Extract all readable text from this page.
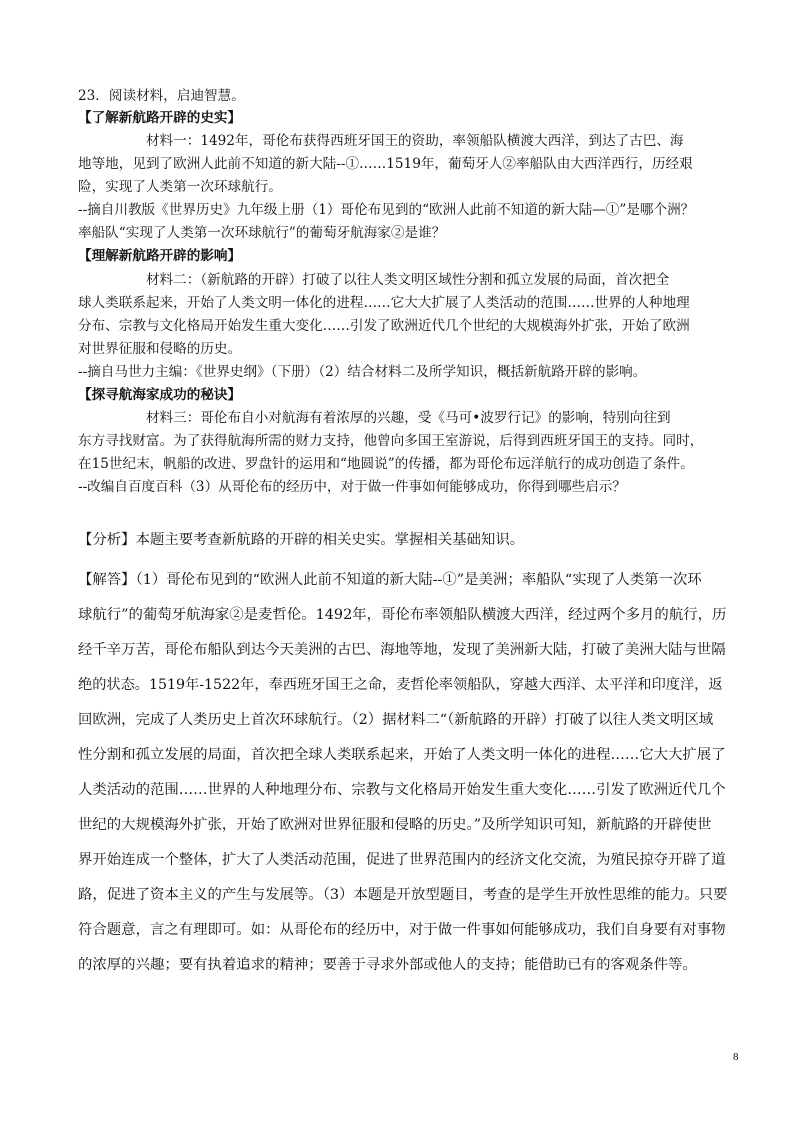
23．阅读材料，启迪智慧。

【了解新航路开辟的史实】

　　　　　材料一：1492年，哥伦布获得西班牙国王的资助，率领船队横渡大西洋，到达了古巴、海

地等地，见到了欧洲人此前不知道的新大陆--①……1519年，葡萄牙人②率船队由大西洋西行，历经艰

险，实现了人类第一次环球航行。

--摘自川教版《世界历史》九年级上册（1）哥伦布见到的“欧洲人此前不知道的新大陆—①”是哪个洲？

率船队“实现了人类第一次环球航行”的葡萄牙航海家②是谁？

【理解新航路开辟的影响】

　　　　　材料二：（新航路的开辟）打破了以往人类文明区域性分割和孤立发展的局面，首次把全

球人类联系起来，开始了人类文明一体化的进程……它大大扩展了人类活动的范围……世界的人种地理

分布、宗教与文化格局开始发生重大变化……引发了欧洲近代几个世纪的大规模海外扩张，开始了欧洲

对世界征服和侵略的历史。

--摘自马世力主编：《世界史纲》（下册）（2）结合材料二及所学知识，概括新航路开辟的影响。

【探寻航海家成功的秘诀】

　　　　　材料三：哥伦布自小对航海有着浓厚的兴趣，受《马可•波罗行记》的影响，特别向往到

东方寻找财富。为了获得航海所需的财力支持，他曾向多国王室游说，后得到西班牙国王的支持。同时，

在15世纪末，帆船的改进、罗盘针的运用和“地圆说”的传播，都为哥伦布远洋航行的成功创造了条件。

--改编自百度百科（3）从哥伦布的经历中，对于做一件事如何能够成功，你得到哪些启示？

【分析】本题主要考查新航路的开辟的相关史实。掌握相关基础知识。

【解答】（1）哥伦布见到的“欧洲人此前不知道的新大陆--①”是美洲；率船队“实现了人类第一次环

球航行”的葡萄牙航海家②是麦哲伦。1492年，哥伦布率领船队横渡大西洋，经过两个多月的航行，历

经千辛万苦，哥伦布船队到达今天美洲的古巴、海地等地，发现了美洲新大陆，打破了美洲大陆与世隔

绝的状态。1519年-1522年，奉西班牙国王之命，麦哲伦率领船队，穿越大西洋、太平洋和印度洋，返

回欧洲，完成了人类历史上首次环球航行。（2）据材料二“（新航路的开辟）打破了以往人类文明区域

性分割和孤立发展的局面，首次把全球人类联系起来，开始了人类文明一体化的进程……它大大扩展了

人类活动的范围……世界的人种地理分布、宗教与文化格局开始发生重大变化……引发了欧洲近代几个

世纪的大规模海外扩张，开始了欧洲对世界征服和侵略的历史。”及所学知识可知，新航路的开辟使世

界开始连成一个整体，扩大了人类活动范围，促进了世界范围内的经济文化交流，为殖民掠夺开辟了道

路，促进了资本主义的产生与发展等。（3）本题是开放型题目，考查的是学生开放性思维的能力。只要

符合题意，言之有理即可。如：从哥伦布的经历中，对于做一件事如何能够成功，我们自身要有对事物

的浓厚的兴趣；要有执着追求的精神；要善于寻求外部或他人的支持；能借助已有的客观条件等。

8
